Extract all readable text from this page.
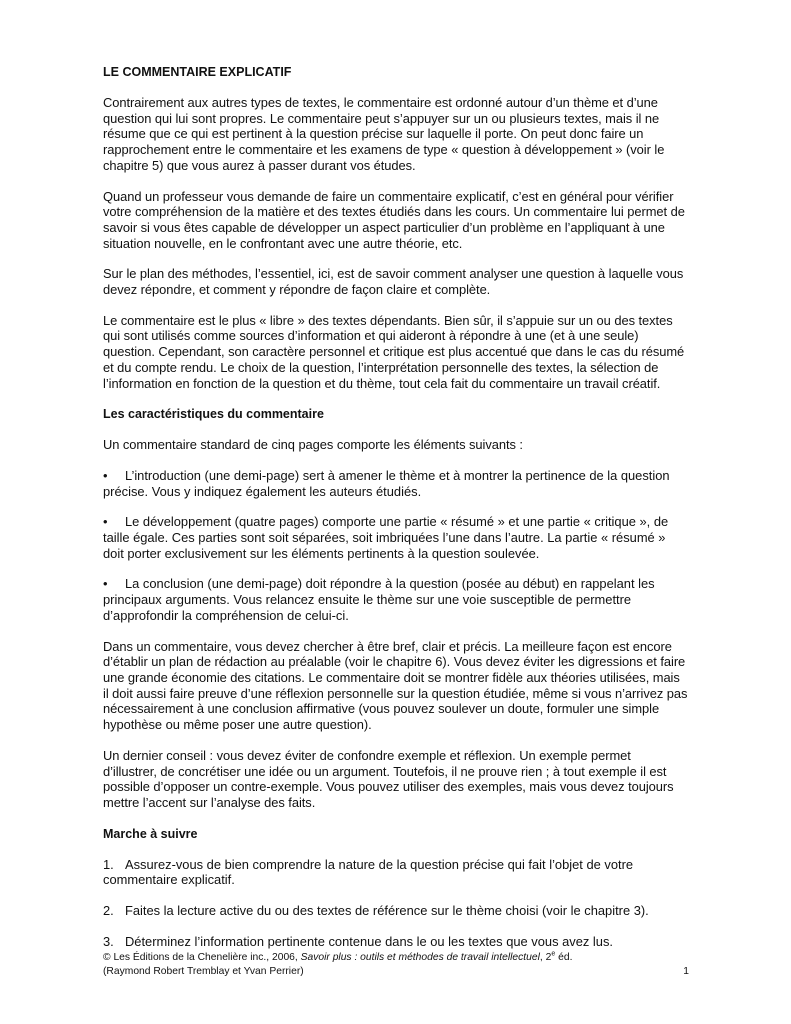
LE COMMENTAIRE EXPLICATIF

Contrairement aux autres types de textes, le commentaire est ordonné autour d’un thème et d’une question qui lui sont propres. Le commentaire peut s’appuyer sur un ou plusieurs textes, mais il ne résume que ce qui est pertinent à la question précise sur laquelle il porte. On peut donc faire un rapprochement entre le commentaire et les examens de type « question à développement » (voir le chapitre 5) que vous aurez à passer durant vos études.

Quand un professeur vous demande de faire un commentaire explicatif, c’est en général pour vérifier votre compréhension de la matière et des textes étudiés dans les cours. Un commentaire lui permet de savoir si vous êtes capable de développer un aspect particulier d’un problème en l’appliquant à une situation nouvelle, en le confrontant avec une autre théorie, etc.

Sur le plan des méthodes, l’essentiel, ici, est de savoir comment analyser une question à laquelle vous devez répondre, et comment y répondre de façon claire et complète.

Le commentaire est le plus « libre » des textes dépendants. Bien sûr, il s’appuie sur un ou des textes qui sont utilisés comme sources d’information et qui aideront à répondre à une (et à une seule) question. Cependant, son caractère personnel et critique est plus accentué que dans le cas du résumé et du compte rendu. Le choix de la question, l’interprétation personnelle des textes, la sélection de l’information en fonction de la question et du thème, tout cela fait du commentaire un travail créatif.

Les caractéristiques du commentaire

Un commentaire standard de cinq pages comporte les éléments suivants :

• L’introduction (une demi-page) sert à amener le thème et à montrer la pertinence de la question précise. Vous y indiquez également les auteurs étudiés.

• Le développement (quatre pages) comporte une partie « résumé » et une partie « critique », de taille égale. Ces parties sont soit séparées, soit imbriquées l’une dans l’autre. La partie « résumé » doit porter exclusivement sur les éléments pertinents à la question soulevée.

• La conclusion (une demi-page) doit répondre à la question (posée au début) en rappelant les principaux arguments. Vous relancez ensuite le thème sur une voie susceptible de permettre d’approfondir la compréhension de celui-ci.

Dans un commentaire, vous devez chercher à être bref, clair et précis. La meilleure façon est encore d’établir un plan de rédaction au préalable (voir le chapitre 6). Vous devez éviter les digressions et faire une grande économie des citations. Le commentaire doit se montrer fidèle aux théories utilisées, mais il doit aussi faire preuve d’une réflexion personnelle sur la question étudiée, même si vous n’arrivez pas nécessairement à une conclusion affirmative (vous pouvez soulever un doute, formuler une simple hypothèse ou même poser une autre question).

Un dernier conseil : vous devez éviter de confondre exemple et réflexion. Un exemple permet d’illustrer, de concrétiser une idée ou un argument. Toutefois, il ne prouve rien ; à tout exemple il est possible d’opposer un contre-exemple. Vous pouvez utiliser des exemples, mais vous devez toujours mettre l’accent sur l’analyse des faits.

Marche à suivre

1. Assurez-vous de bien comprendre la nature de la question précise qui fait l’objet de votre commentaire explicatif.

2. Faites la lecture active du ou des textes de référence sur le thème choisi (voir le chapitre 3).

3. Déterminez l’information pertinente contenue dans le ou les textes que vous avez lus.

© Les Éditions de la Chenelière inc., 2006, Savoir plus : outils et méthodes de travail intellectuel, 2e éd.
(Raymond Robert Tremblay et Yvan Perrier)	1
